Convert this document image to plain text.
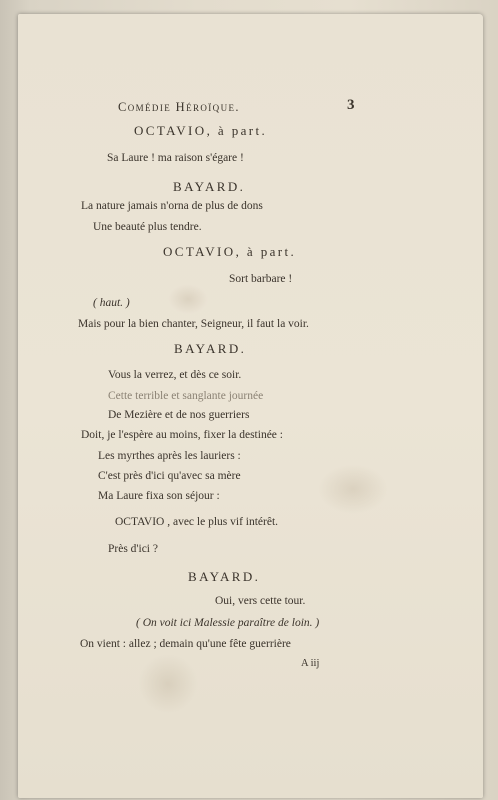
Comédie Héroïque.	3
OCTAVIO, à part.
Sa Laure ! ma raison s'égare !
BAYARD.
La nature jamais n'orna de plus de dons
Une beauté plus tendre.
OCTAVIO, à part.
Sort barbare !
( haut. )
Mais pour la bien chanter, Seigneur, il faut la voir.
BAYARD.
Vous la verrez, et dès ce soir.
Cette terrible et sanglante journée
De Mezière et de nos guerriers
Doit, je l'espère au moins, fixer la destinée :
Les myrthes après les lauriers :
C'est près d'ici qu'avec sa mère
Ma Laure fixa son séjour :
OCTAVIO , avec le plus vif intérêt.
Près d'ici ?
BAYARD.
Oui, vers cette tour.
( On voit ici Malessie paraître de loin. )
On vient : allez ; demain qu'une fête guerrière
A iij
